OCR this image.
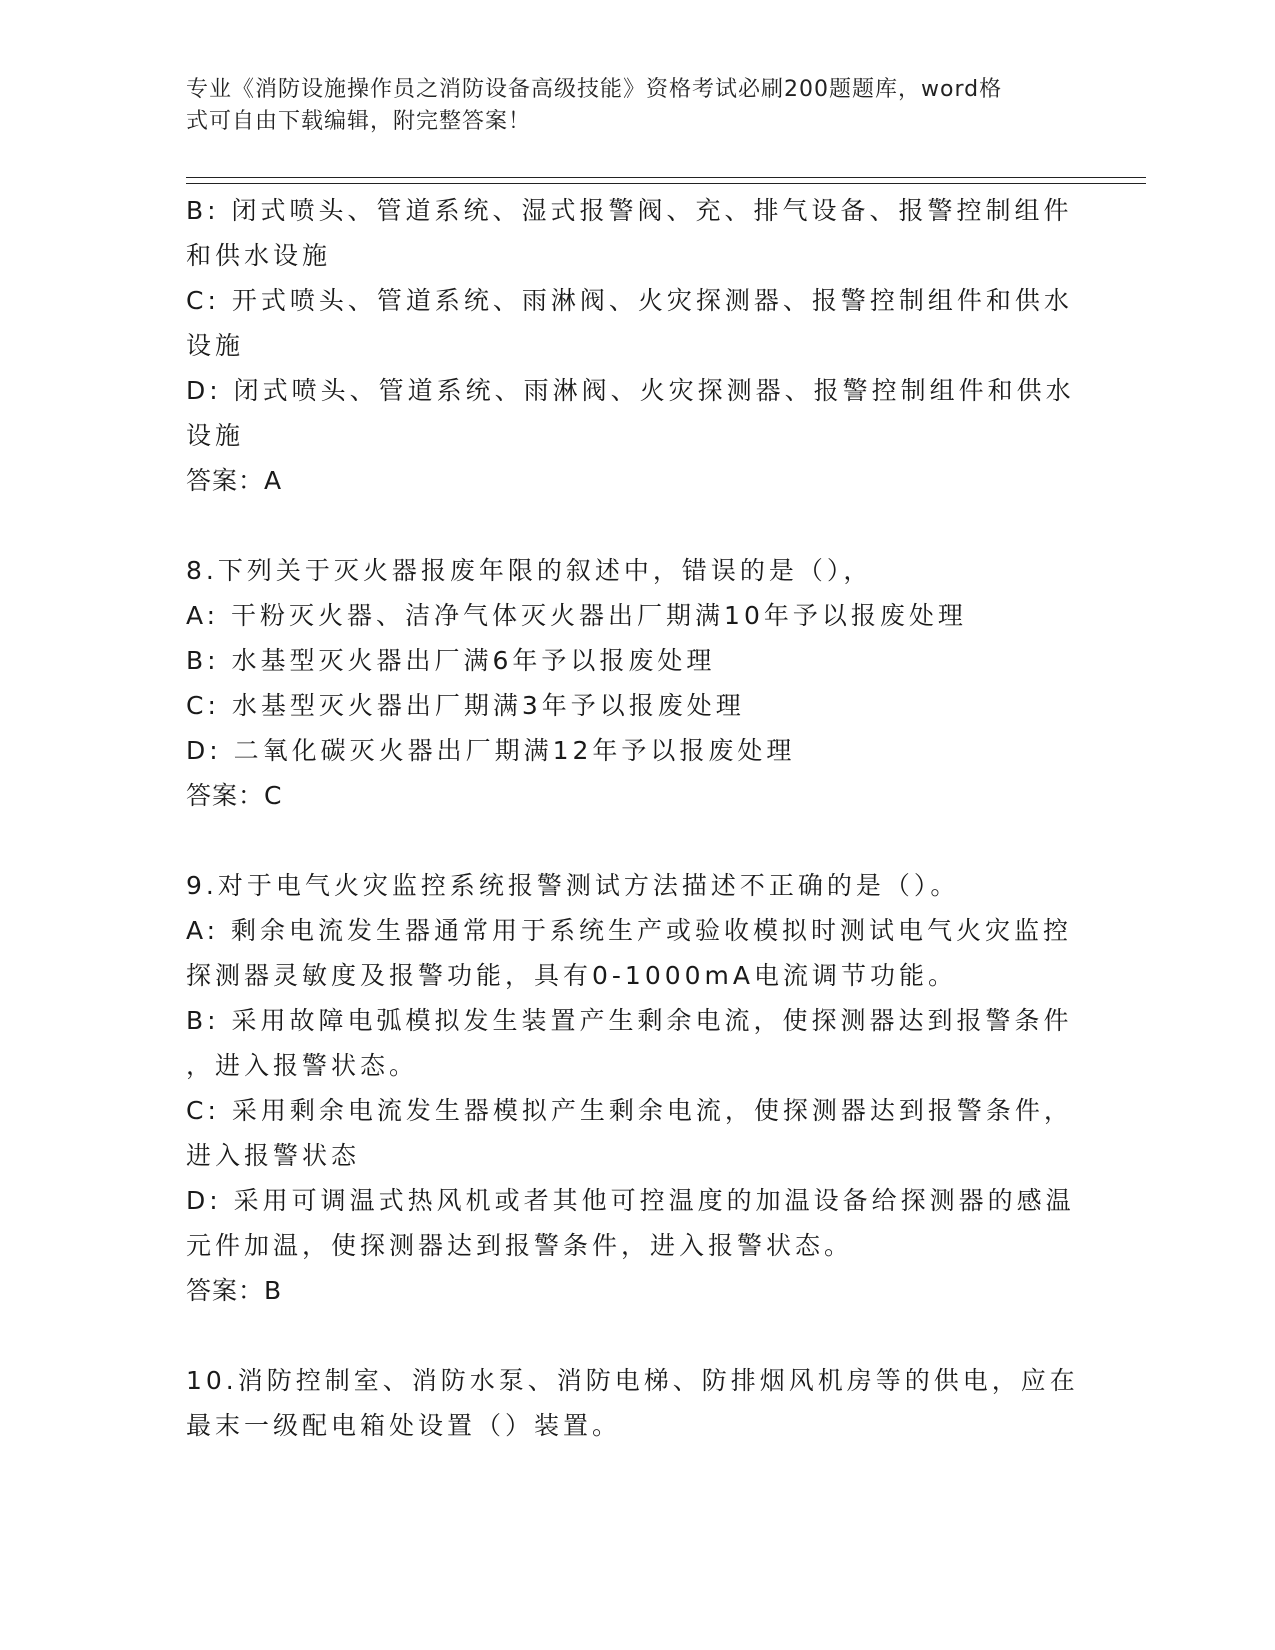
专业《消防设施操作员之消防设备高级技能》资格考试必刷200题题库，word格
式可自由下载编辑，附完整答案！
B: 闭式喷头、管道系统、湿式报警阀、充、排气设备、报警控制组件
和供水设施
C: 开式喷头、管道系统、雨淋阀、火灾探测器、报警控制组件和供水
设施
D: 闭式喷头、管道系统、雨淋阀、火灾探测器、报警控制组件和供水
设施
答案：A
8.下列关于灭火器报废年限的叙述中，错误的是（），
A: 干粉灭火器、洁净气体灭火器出厂期满10年予以报废处理
B: 水基型灭火器出厂满6年予以报废处理
C: 水基型灭火器出厂期满3年予以报废处理
D: 二氧化碳灭火器出厂期满12年予以报废处理
答案：C
9.对于电气火灾监控系统报警测试方法描述不正确的是（）。
A: 剩余电流发生器通常用于系统生产或验收模拟时测试电气火灾监控
探测器灵敏度及报警功能，具有0-1000mA电流调节功能。
B: 采用故障电弧模拟发生装置产生剩余电流，使探测器达到报警条件
，进入报警状态。
C: 采用剩余电流发生器模拟产生剩余电流，使探测器达到报警条件，
进入报警状态
D: 采用可调温式热风机或者其他可控温度的加温设备给探测器的感温
元件加温，使探测器达到报警条件，进入报警状态。
答案：B
10.消防控制室、消防水泵、消防电梯、防排烟风机房等的供电，应在
最末一级配电箱处设置（）装置。
